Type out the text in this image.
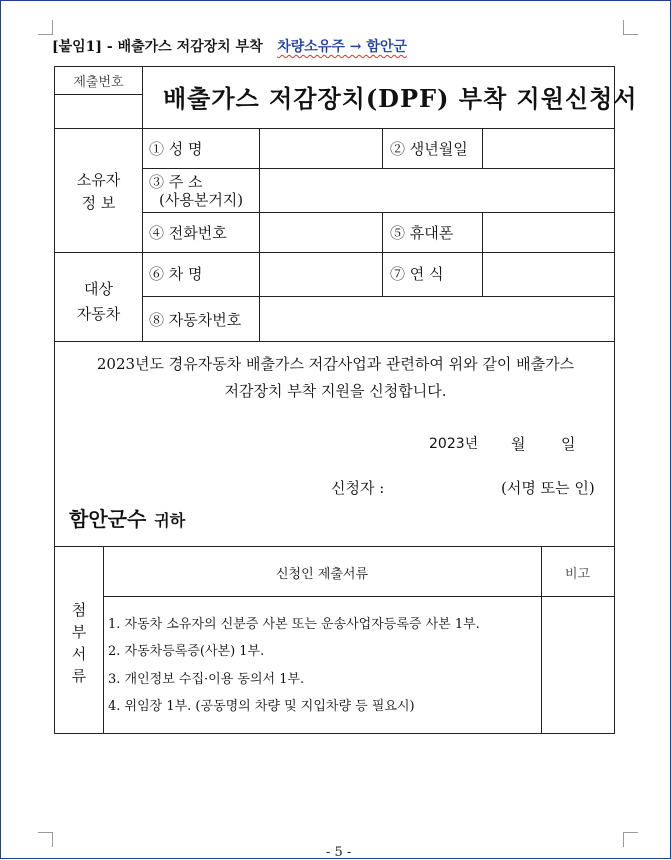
[붙임1] - 배출가스 저감장치 부착 차량소유주 → 함안군
제출번호
배출가스 저감장치(DPF) 부착 지원신청서
소유자
정 보
① 성 명	② 생년월일
③ 주 소
(사용본거지)
④ 전화번호	⑤ 휴대폰
대상
자동차
⑥ 차 명	⑦ 연 식
⑧ 자동차번호
2023년도 경유자동차 배출가스 저감사업과 관련하여 위와 같이 배출가스
저감장치 부착 지원을 신청합니다.
2023년 월 일
신청자 :	(서명 또는 인)
함안군수 귀하
첨
부
서
류
신청인 제출서류	비고
1. 자동차 소유자의 신분증 사본 또는 운송사업자등록증 사본 1부.
2. 자동차등록증(사본) 1부.
3. 개인정보 수집·이용 동의서 1부.
4. 위임장 1부. (공동명의 차량 및 지입차량 등 필요시)
- 5 -
